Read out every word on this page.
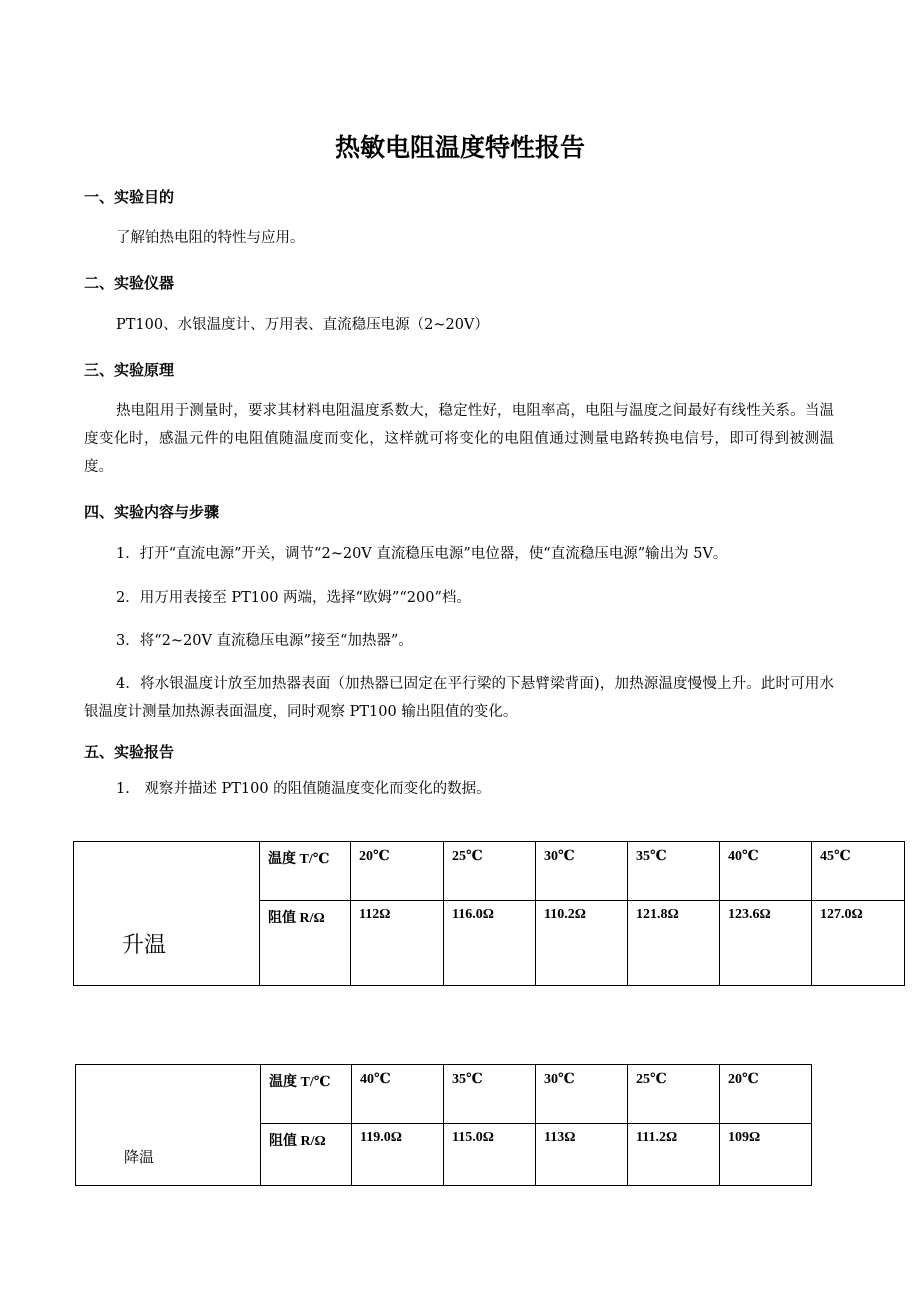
热敏电阻温度特性报告
一、实验目的
了解铂热电阻的特性与应用。
二、实验仪器
PT100、水银温度计、万用表、直流稳压电源（2~20V）
三、实验原理
热电阻用于测量时，要求其材料电阻温度系数大，稳定性好，电阻率高，电阻与温度之间最好有线性关系。当温度变化时，感温元件的电阻值随温度而变化，这样就可将变化的电阻值通过测量电路转换电信号，即可得到被测温度。
四、实验内容与步骤
1．打开“直流电源”开关，调节“2~20V 直流稳压电源”电位器，使“直流稳压电源”输出为 5V。
2．用万用表接至 PT100 两端，选择“欧姆”“200”档。
3．将“2~20V 直流稳压电源”接至“加热器”。
4．将水银温度计放至加热器表面（加热器已固定在平行梁的下悬臂梁背面)，加热源温度慢慢上升。此时可用水银温度计测量加热源表面温度，同时观察 PT100 输出阻值的变化。
五、实验报告
1.　观察并描述 PT100 的阻值随温度变化而变化的数据。
升温	温度 T/℃	20℃	25℃	30℃	35℃	40℃	45℃
	阻值 R/Ω	112Ω	116.0Ω	110.2Ω	121.8Ω	123.6Ω	127.0Ω
降温	温度 T/℃	40℃	35℃	30℃	25℃	20℃
	阻值 R/Ω	119.0Ω	115.0Ω	113Ω	111.2Ω	109Ω
